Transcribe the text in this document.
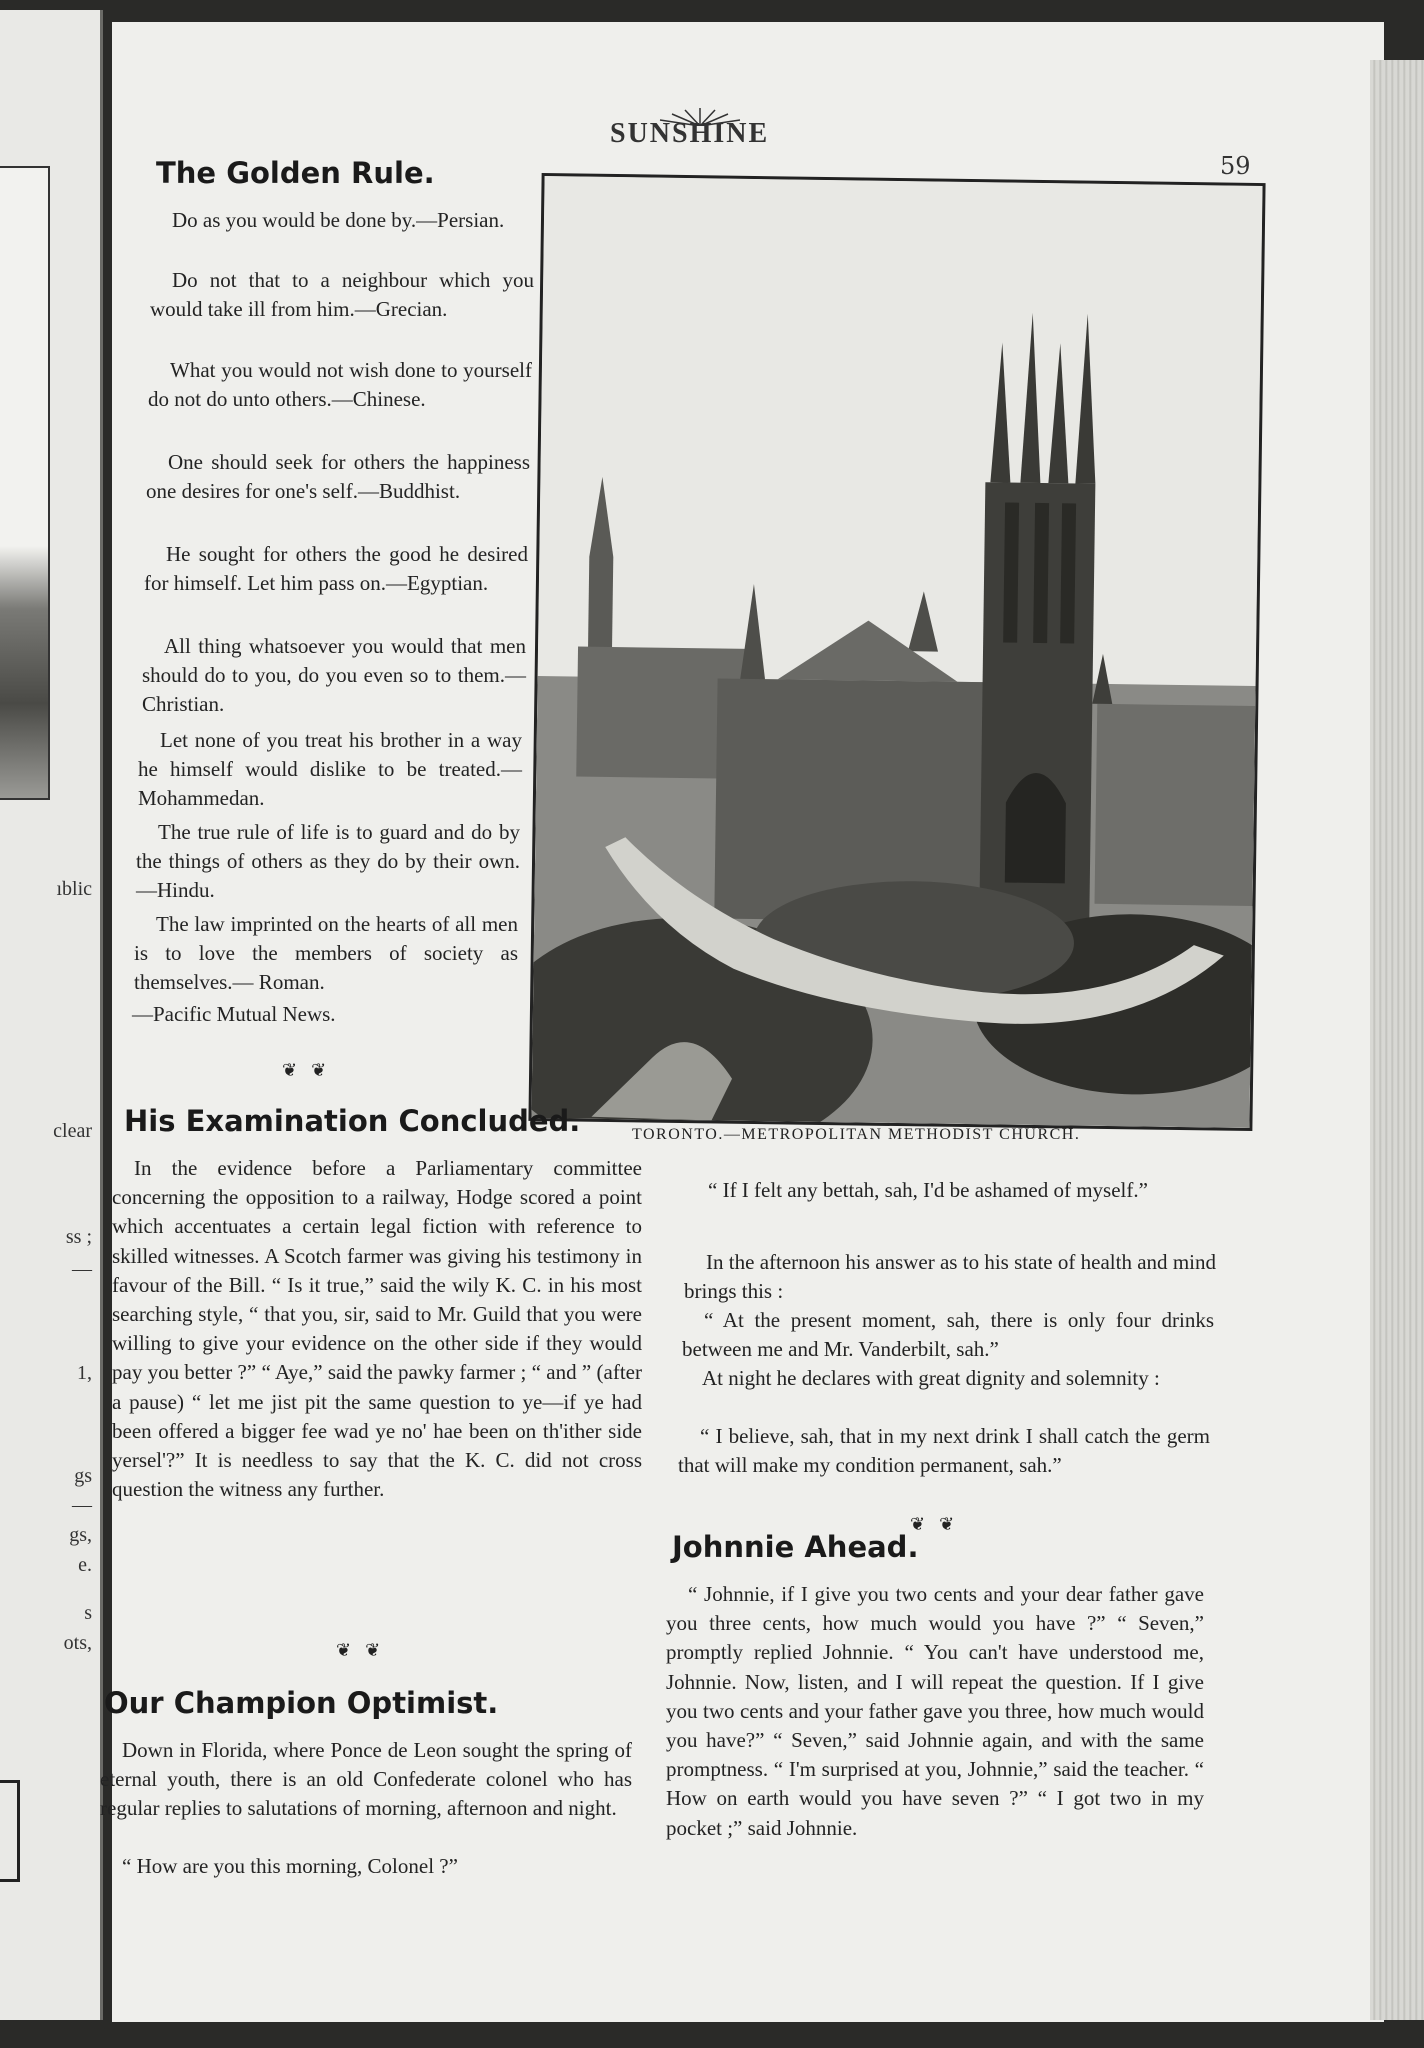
ıblic
clear
ss ;
—
1,
gs
—
gs,
e.
s
ots,
SUNSHINE
59
The Golden Rule.

Do as you would be done by.—Persian.

Do not that to a neighbour which you would take ill from him.—Grecian.

What you would not wish done to yourself do not do unto others.—Chinese.

One should seek for others the happiness one desires for one's self.—Buddhist.

He sought for others the good he desired for himself. Let him pass on.—Egyptian.

All thing whatsoever you would that men should do to you, do you even so to them.—Christian.

Let none of you treat his brother in a way he himself would dislike to be treated.—Mohammedan.

The true rule of life is to guard and do by the things of others as they do by their own.—Hindu.

The law imprinted on the hearts of all men is to love the members of society as themselves.— Roman.

—Pacific Mutual News.

❦❦
TORONTO.—METROPOLITAN METHODIST CHURCH.
His Examination Concluded.

In the evidence before a Parliamentary committee concerning the opposition to a railway, Hodge scored a point which accentuates a certain legal fiction with reference to skilled witnesses. A Scotch farmer was giving his testimony in favour of the Bill. “ Is it true,” said the wily K. C. in his most searching style, “ that you, sir, said to Mr. Guild that you were willing to give your evidence on the other side if they would pay you better ?” “ Aye,” said the pawky farmer ; “ and ” (after a pause) “ let me jist pit the same question to ye—if ye had been offered a bigger fee wad ye no' hae been on th'ither side yersel'?” It is needless to say that the K. C. did not cross question the witness any further.

❦❦
Our Champion Optimist.

Down in Florida, where Ponce de Leon sought the spring of eternal youth, there is an old Confederate colonel who has regular replies to salutations of morning, afternoon and night.

“ How are you this morning, Colonel ?”

“ If I felt any bettah, sah, I'd be ashamed of myself.”

In the afternoon his answer as to his state of health and mind brings this :

“ At the present moment, sah, there is only four drinks between me and Mr. Vanderbilt, sah.”

At night he declares with great dignity and solemnity :

“ I believe, sah, that in my next drink I shall catch the germ that will make my condition permanent, sah.”

❦❦
Johnnie Ahead.

“ Johnnie, if I give you two cents and your dear father gave you three cents, how much would you have ?” “ Seven,” promptly replied Johnnie. “ You can't have understood me, Johnnie. Now, listen, and I will repeat the question. If I give you two cents and your father gave you three, how much would you have?” “ Seven,” said Johnnie again, and with the same promptness. “ I'm surprised at you, Johnnie,” said the teacher. “ How on earth would you have seven ?” “ I got two in my pocket ;” said Johnnie.
